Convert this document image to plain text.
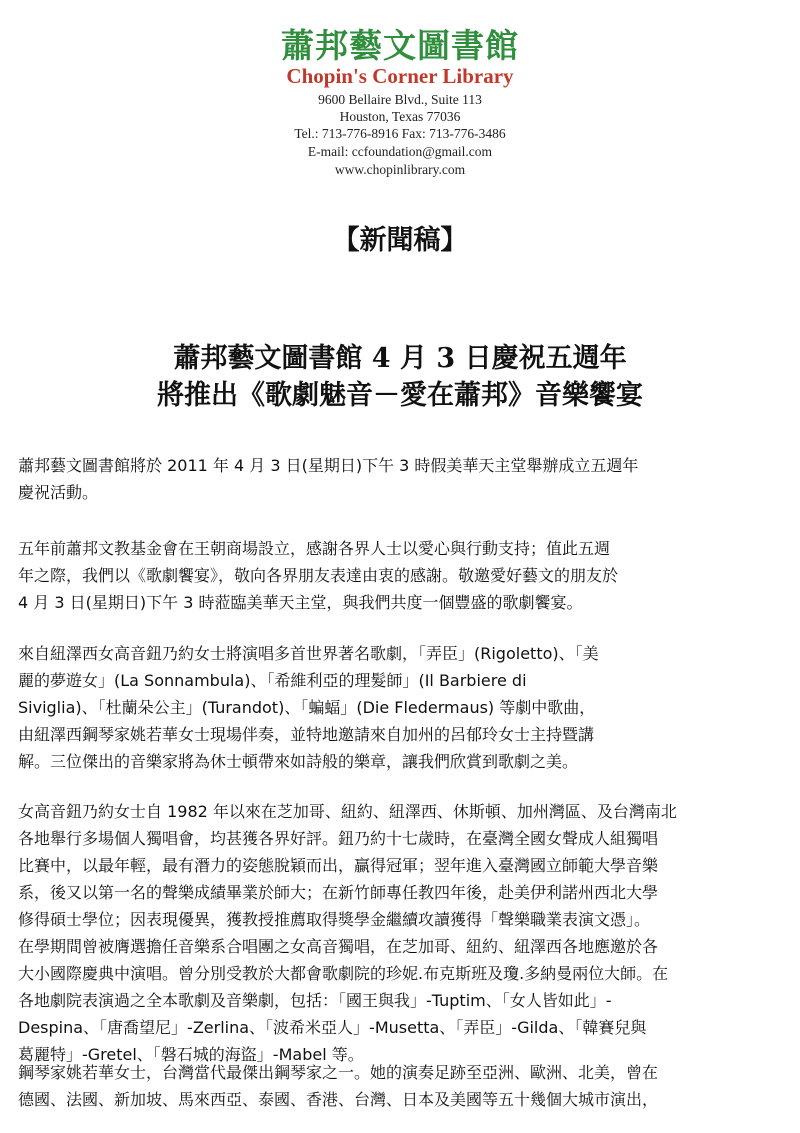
蕭邦藝文圖書館
Chopin's Corner Library
9600 Bellaire Blvd., Suite 113
Houston, Texas 77036
Tel.: 713-776-8916 Fax: 713-776-3486
E-mail: ccfoundation@gmail.com
www.chopinlibrary.com
【新聞稿】
蕭邦藝文圖書館 4 月 3 日慶祝五週年
將推出《歌劇魅音－愛在蕭邦》音樂饗宴

蕭邦藝文圖書館將於 2011 年 4 月 3 日(星期日)下午 3 時假美華天主堂舉辦成立五週年

慶祝活動。

五年前蕭邦文教基金會在王朝商場設立，感謝各界人士以愛心與行動支持；值此五週

年之際，我們以《歌劇饗宴》，敬向各界朋友表達由衷的感謝。敬邀愛好藝文的朋友於

4 月 3 日(星期日)下午 3 時蒞臨美華天主堂，與我們共度一個豐盛的歌劇饗宴。

來自紐澤西女高音鈕乃約女士將演唱多首世界著名歌劇，「弄臣」(Rigoletto)、「美

麗的夢遊女」(La Sonnambula)、「希維利亞的理髮師」(Il Barbiere di

Siviglia)、「杜蘭朵公主」(Turandot)、「蝙蝠」(Die Fledermaus) 等劇中歌曲，

由紐澤西鋼琴家姚若華女士現場伴奏，並特地邀請來自加州的呂郁玲女士主持暨講

解。三位傑出的音樂家將為休士頓帶來如詩般的樂章，讓我們欣賞到歌劇之美。

女高音鈕乃約女士自 1982 年以來在芝加哥、紐約、紐澤西、休斯頓、加州灣區、及台灣南北

各地舉行多場個人獨唱會，均甚獲各界好評。鈕乃約十七歲時，在臺灣全國女聲成人組獨唱

比賽中，以最年輕，最有潛力的姿態脫穎而出，贏得冠軍；翌年進入臺灣國立師範大學音樂

系，後又以第一名的聲樂成績畢業於師大；在新竹師專任教四年後，赴美伊利諾州西北大學

修得碩士學位；因表現優異，獲教授推薦取得獎學金繼續攻讀獲得「聲樂職業表演文憑」。

在學期間曾被膺選擔任音樂系合唱團之女高音獨唱，在芝加哥、紐約、紐澤西各地應邀於各

大小國際慶典中演唱。曾分別受教於大都會歌劇院的珍妮.布克斯班及瓊.多納曼兩位大師。在

各地劇院表演過之全本歌劇及音樂劇，包括：「國王與我」-Tuptim、「女人皆如此」-

Despina、「唐喬望尼」-Zerlina、「波希米亞人」-Musetta、「弄臣」-Gilda、「韓賽兒與

葛麗特」-Gretel、「磐石城的海盜」-Mabel 等。

鋼琴家姚若華女士，台灣當代最傑出鋼琴家之一。她的演奏足跡至亞洲、歐洲、北美，曾在

德國、法國、新加坡、馬來西亞、泰國、香港、台灣、日本及美國等五十幾個大城市演出，
